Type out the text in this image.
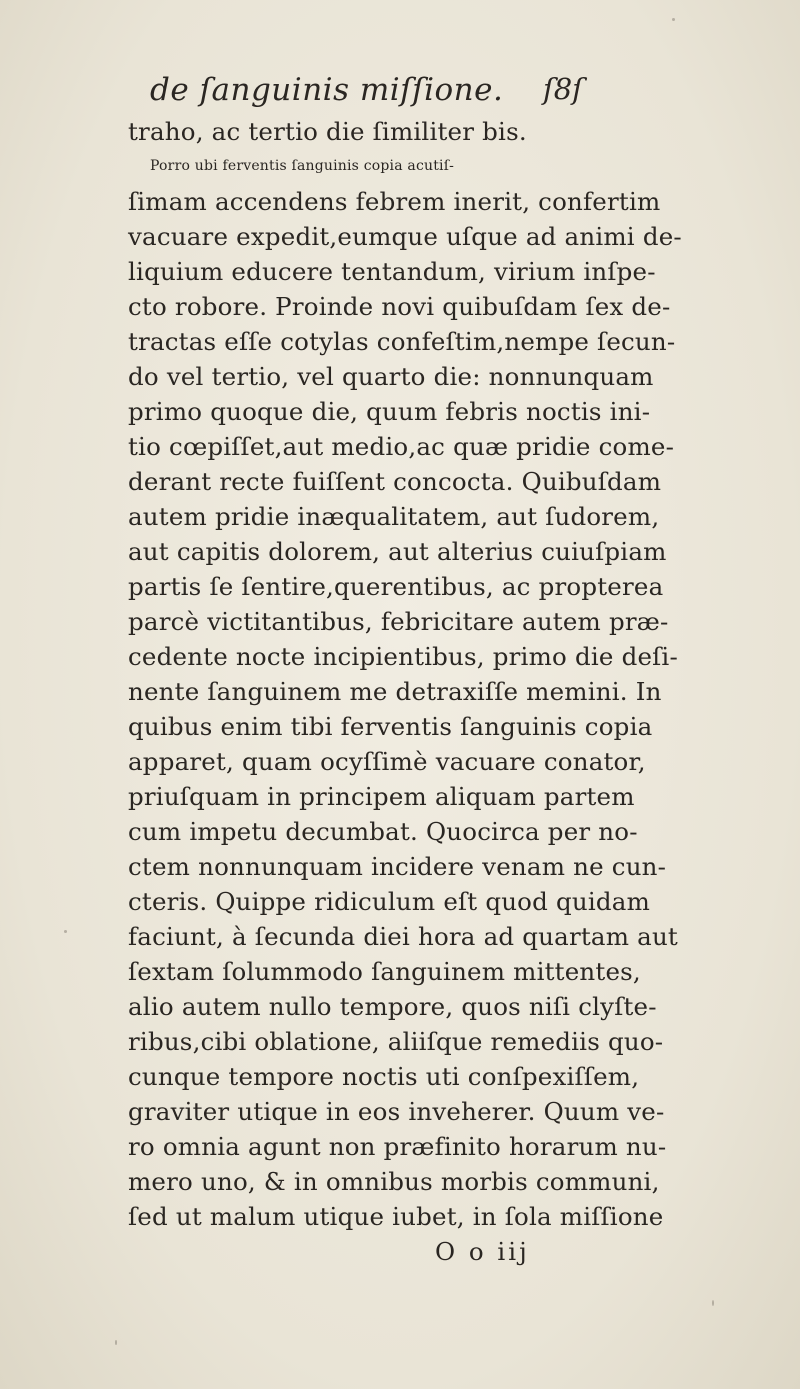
de ſanguinis miſſione. ſ8ſ
traho, ac tertio die ſimiliter bis.
Porro ubi ferventis ſanguinis copia acutiſ-
ſimam accendens febrem inerit, confertim
vacuare expedit,eumque uſque ad animi de-
liquium educere tentandum, virium inſpe-
cto robore. Proinde novi quibuſdam ſex de-
tractas eſſe cotylas confeſtim,nempe ſecun-
do vel tertio, vel quarto die: nonnunquam
primo quoque die, quum febris noctis ini-
tio cœpiſſet,aut medio,ac quæ pridie come-
derant recte fuiſſent concocta. Quibuſdam
autem pridie inæqualitatem, aut ſudorem,
aut capitis dolorem, aut alterius cuiuſpiam
partis ſe ſentire,querentibus, ac propterea
parcè victitantibus, febricitare autem præ-
cedente nocte incipientibus, primo die deſi-
nente ſanguinem me detraxiſſe memini. In
quibus enim tibi ferventis ſanguinis copia
apparet, quam ocyſſimè vacuare conator,
priuſquam in principem aliquam partem
cum impetu decumbat. Quocirca per no-
ctem nonnunquam incidere venam ne cun-
cteris. Quippe ridiculum eſt quod quidam
faciunt, à ſecunda diei hora ad quartam aut
ſextam ſolummodo ſanguinem mittentes,
alio autem nullo tempore, quos niſi clyſte-
ribus,cibi oblatione, aliiſque remediis quo-
cunque tempore noctis uti conſpexiſſem,
graviter utique in eos inveherer. Quum ve-
ro omnia agunt non præfinito horarum nu-
mero uno, & in omnibus morbis communi,
ſed ut malum utique iubet, in ſola miſſione
O o iij
